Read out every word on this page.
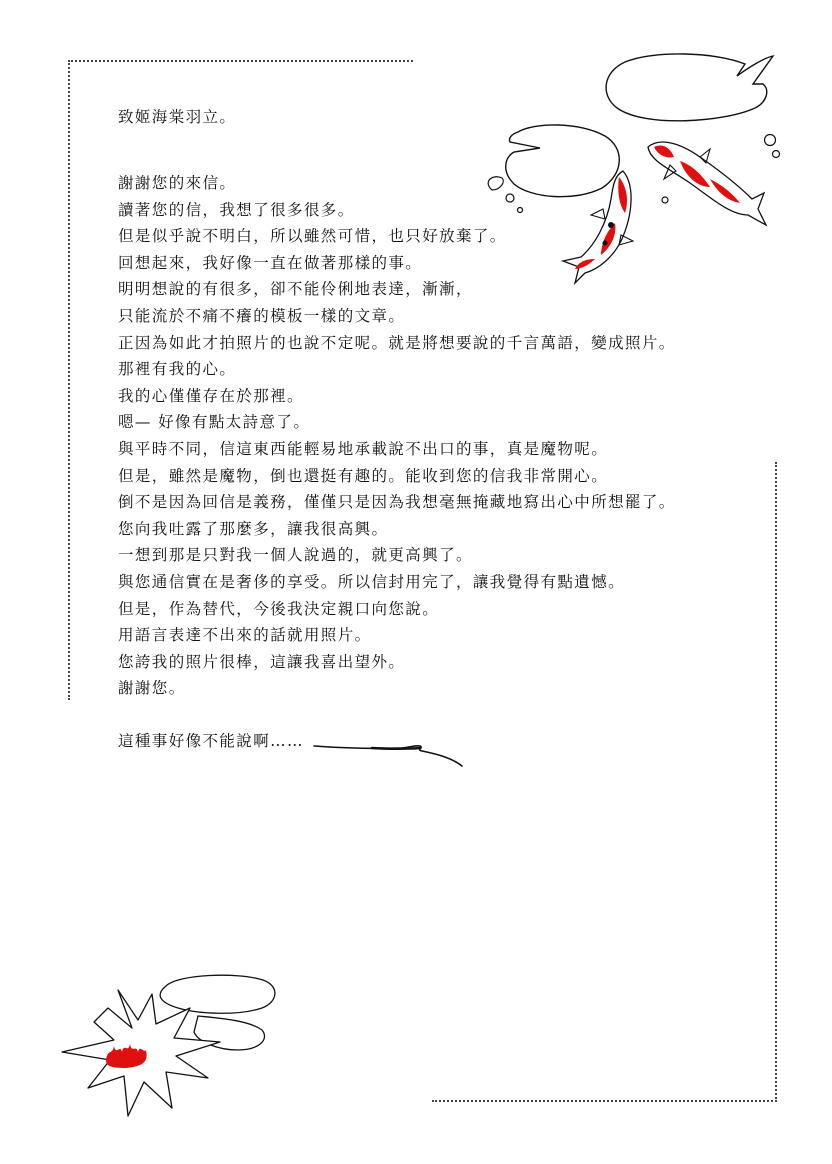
致姬海棠羽立。

謝謝您的來信。
讀著您的信，我想了很多很多。
但是似乎說不明白，所以雖然可惜，也只好放棄了。
回想起來，我好像一直在做著那樣的事。
明明想說的有很多，卻不能伶俐地表達，漸漸，
只能流於不痛不癢的模板一樣的文章。
正因為如此才拍照片的也說不定呢。就是將想要說的千言萬語，變成照片。
那裡有我的心。
我的心僅僅存在於那裡。
嗯— 好像有點太詩意了。
與平時不同，信這東西能輕易地承載說不出口的事，真是魔物呢。
但是，雖然是魔物，倒也還挺有趣的。能收到您的信我非常開心。
倒不是因為回信是義務，僅僅只是因為我想毫無掩藏地寫出心中所想罷了。
您向我吐露了那麼多，讓我很高興。
一想到那是只對我一個人說過的，就更高興了。
與您通信實在是奢侈的享受。所以信封用完了，讓我覺得有點遺憾。
但是，作為替代，今後我決定親口向您說。
用語言表達不出來的話就用照片。
您誇我的照片很棒，這讓我喜出望外。
謝謝您。
這種事好像不能說啊……
